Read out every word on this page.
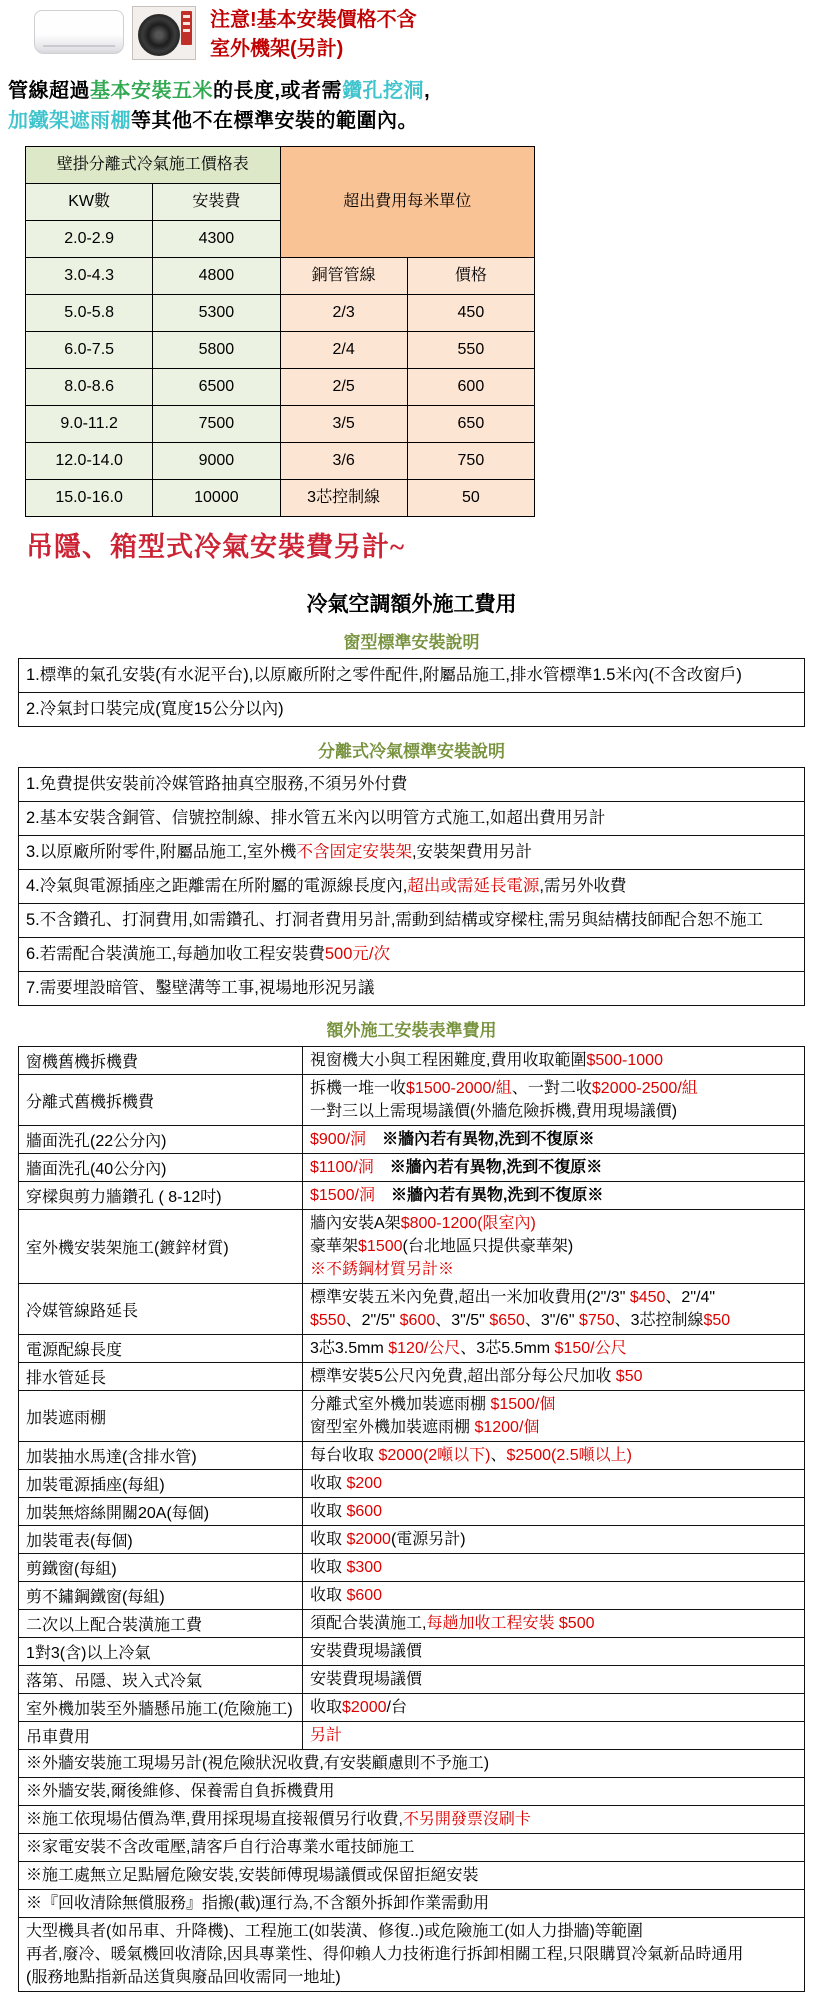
注意!基本安裝價格不含
室外機架(另計)
管線超過基本安裝五米的長度,或者需鑽孔挖洞,
加鐵架遮雨棚等其他不在標準安裝的範圍內。
壁掛分離式冷氣施工價格表		超出費用每米單位	
KW數	安裝費		
2.0-2.9	4300		
3.0-4.3	4800	銅管管線	價格
5.0-5.8	5300	2/3	450
6.0-7.5	5800	2/4	550
8.0-8.6	6500	2/5	600
9.0-11.2	7500	3/5	650
12.0-14.0	9000	3/6	750
15.0-16.0	10000	3芯控制線	50
吊隱、箱型式冷氣安裝費另計~
冷氣空調額外施工費用
窗型標準安裝說明
1.標準的氣孔安裝(有水泥平台),以原廠所附之零件配件,附屬品施工,排水管標準1.5米內(不含改窗戶)
2.冷氣封口裝完成(寬度15公分以內)
分離式冷氣標準安裝說明
1.免費提供安裝前冷媒管路抽真空服務,不須另外付費
2.基本安裝含銅管、信號控制線、排水管五米內以明管方式施工,如超出費用另計
3.以原廠所附零件,附屬品施工,室外機不含固定安裝架,安裝架費用另計
4.冷氣與電源插座之距離需在所附屬的電源線長度內,超出或需延長電源,需另外收費
5.不含鑽孔、打洞費用,如需鑽孔、打洞者費用另計,需動到結構或穿樑柱,需另與結構技師配合恕不施工
6.若需配合裝潢施工,每趟加收工程安裝費500元/次
7.需要埋設暗管、鑿壁溝等工事,視場地形況另議
額外施工安裝表準費用
窗機舊機拆機費	視窗機大小與工程困難度,費用收取範圍$500-1000

分離式舊機拆機費	拆機一堆一收$1500-2000/組、一對二收$2000-2500/組
一對三以上需現場議價(外牆危險拆機,費用現場議價)

牆面洗孔(22公分內)	$900/洞　 ※牆內若有異物,洗到不復原※

牆面洗孔(40公分內)	$1100/洞　 ※牆內若有異物,洗到不復原※

穿樑與剪力牆鑽孔 ( 8-12吋)	$1500/洞　 ※牆內若有異物,洗到不復原※

室外機安裝架施工(鍍鋅材質)	牆內安裝A架$800-1200(限室內)
豪華架$1500(台北地區只提供豪華架)
※不銹鋼材質另計※

冷媒管線路延長	標準安裝五米內免費,超出一米加收費用(2"/3" $450、2"/4"
$550、2"/5" $600、3"/5" $650、3"/6" $750、3芯控制線$50

電源配線長度	3芯3.5mm $120/公尺、3芯5.5mm $150/公尺

排水管延長	標準安裝5公尺內免費,超出部分每公尺加收 $50

加裝遮雨棚	分離式室外機加裝遮雨棚 $1500/個
窗型室外機加裝遮雨棚 $1200/個

加裝抽水馬達(含排水管)	每台收取 $2000(2噸以下)、$2500(2.5噸以上)

加裝電源插座(每組)	收取 $200

加裝無熔絲開關20A(每個)	收取 $600

加裝電表(每個)	收取 $2000(電源另計)

剪鐵窗(每組)	收取 $300

剪不鏽鋼鐵窗(每組)	收取 $600

二次以上配合裝潢施工費	須配合裝潢施工,每趟加收工程安裝 $500

1對3(含)以上冷氣	安裝費現場議價

落第、吊隱、崁入式冷氣	安裝費現場議價

室外機加裝至外牆懸吊施工(危險施工)	收取$2000/台

吊車費用	另計

※外牆安裝施工現場另計(視危險狀況收費,有安裝顧慮則不予施工)	

※外牆安裝,爾後維修、保養需自負拆機費用	

※施工依現場估價為準,費用採現場直接報價另行收費,不另開發票沒刷卡	

※家電安裝不含改電壓,請客戶自行洽專業水電技師施工	

※施工處無立足點層危險安裝,安裝師傅現場議價或保留拒絕安裝	

※『回收清除無償服務』指搬(載)運行為,不含額外拆卸作業需動用	

大型機具者(如吊車、升降機)、工程施工(如裝潢、修復..)或危險施工(如人力掛牆)等範圍
再者,廢冷、暖氣機回收清除,因具專業性、得仰賴人力技術進行拆卸相關工程,只限購買冷氣新品時通用
(服務地點指新品送貨與廢品回收需同一地址)	
